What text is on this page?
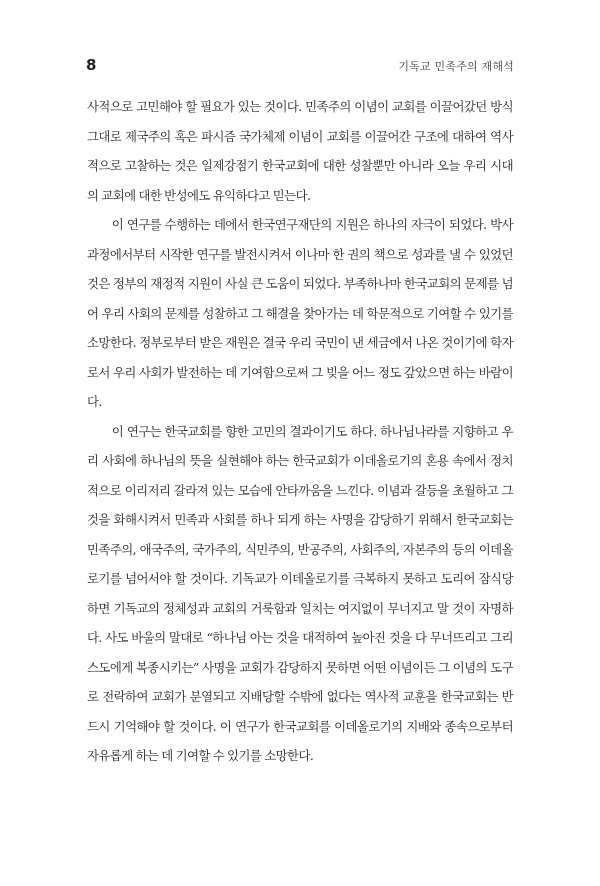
8	기독교 민족주의 재해석

사적으로 고민해야 할 필요가 있는 것이다. 민족주의 이념이 교회를 이끌어갔던 방식 그대로 제국주의 혹은 파시즘 국가체제 이념이 교회를 이끌어간 구조에 대하여 역사적으로 고찰하는 것은 일제강점기 한국교회에 대한 성찰뿐만 아니라 오늘 우리 시대의 교회에 대한 반성에도 유익하다고 믿는다.

이 연구를 수행하는 데에서 한국연구재단의 지원은 하나의 자극이 되었다. 박사과정에서부터 시작한 연구를 발전시켜서 이나마 한 권의 책으로 성과를 낼 수 있었던 것은 정부의 재정적 지원이 사실 큰 도움이 되었다. 부족하나마 한국교회의 문제를 넘어 우리 사회의 문제를 성찰하고 그 해결을 찾아가는 데 학문적으로 기여할 수 있기를 소망한다. 정부로부터 받은 재원은 결국 우리 국민이 낸 세금에서 나온 것이기에 학자로서 우리 사회가 발전하는 데 기여함으로써 그 빚을 어느 정도 갚았으면 하는 바람이다.

이 연구는 한국교회를 향한 고민의 결과이기도 하다. 하나님나라를 지향하고 우리 사회에 하나님의 뜻을 실현해야 하는 한국교회가 이데올로기의 혼용 속에서 정치적으로 이리저리 갈라져 있는 모습에 안타까움을 느낀다. 이념과 갈등을 초월하고 그것을 화해시켜서 민족과 사회를 하나 되게 하는 사명을 감당하기 위해서 한국교회는 민족주의, 애국주의, 국가주의, 식민주의, 반공주의, 사회주의, 자본주의 등의 이데올로기를 넘어서야 할 것이다. 기독교가 이데올로기를 극복하지 못하고 도리어 잠식당하면 기독교의 정체성과 교회의 거룩함과 일치는 여지없이 무너지고 말 것이 자명하다. 사도 바울의 말대로 “하나님 아는 것을 대적하여 높아진 것을 다 무너뜨리고 그리스도에게 복종시키는” 사명을 교회가 감당하지 못하면 어떤 이념이든 그 이념의 도구로 전락하여 교회가 분열되고 지배당할 수밖에 없다는 역사적 교훈을 한국교회는 반드시 기억해야 할 것이다. 이 연구가 한국교회를 이데올로기의 지배와 종속으로부터 자유롭게 하는 데 기여할 수 있기를 소망한다.
